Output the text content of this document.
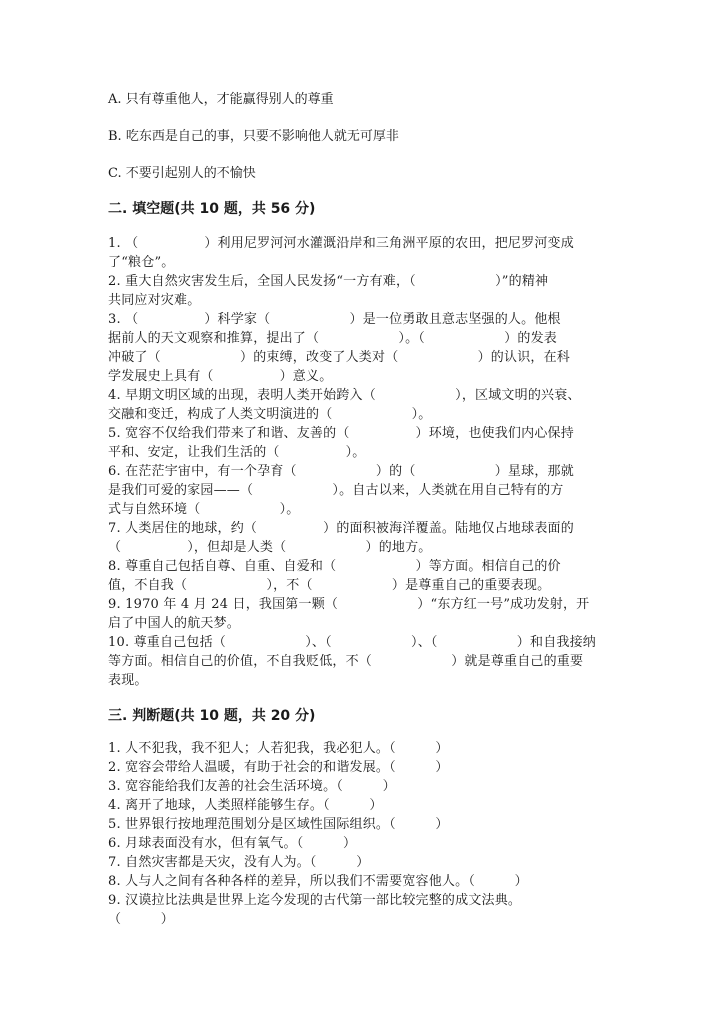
A. 只有尊重他人，才能赢得别人的尊重
B. 吃东西是自己的事，只要不影响他人就无可厚非
C. 不要引起别人的不愉快
二. 填空题(共 10 题，共 56 分)
1. （　　　　　）利用尼罗河河水灌溉沿岸和三角洲平原的农田，把尼罗河变成
了“粮仓”。
2. 重大自然灾害发生后，全国人民发扬“一方有难，（　　　　　　）”的精神
共同应对灾难。
3. （　　　　　）科学家（　　　　　　）是一位勇敢且意志坚强的人。他根
据前人的天文观察和推算，提出了（　　　　　　）。（　　　　　　）的发表
冲破了（　　　　　　）的束缚，改变了人类对（　　　　　　）的认识，在科
学发展史上具有（　　　　　）意义。
4. 早期文明区域的出现，表明人类开始跨入（　　　　　　），区域文明的兴衰、
交融和变迁，构成了人类文明演进的（　　　　　　）。
5. 宽容不仅给我们带来了和谐、友善的（　　　　　）环境，也使我们内心保持
平和、安定，让我们生活的（　　　　　）。
6. 在茫茫宇宙中，有一个孕育（　　　　　　）的（　　　　　　）星球，那就
是我们可爱的家园——（　　　　　　）。自古以来，人类就在用自己特有的方
式与自然环境（　　　　　　）。
7. 人类居住的地球，约（　　　　　）的面积被海洋覆盖。陆地仅占地球表面的
（　　　　　），但却是人类（　　　　　　）的地方。
8. 尊重自己包括自尊、自重、自爱和（　　　　　　）等方面。相信自己的价
值，不自我（　　　　　　），不（　　　　　　）是尊重自己的重要表现。
9. 1970 年 4 月 24 日，我国第一颗（　　　　　　）“东方红一号”成功发射，开
启了中国人的航天梦。
10. 尊重自己包括（　　　　　　）、（　　　　　　）、（　　　　　　）和自我接纳
等方面。相信自己的价值，不自我贬低，不（　　　　　　）就是尊重自己的重要
表现。
三. 判断题(共 10 题，共 20 分)
1. 人不犯我，我不犯人；人若犯我，我必犯人。（　　　）
2. 宽容会带给人温暖，有助于社会的和谐发展。（　　　）
3. 宽容能给我们友善的社会生活环境。（　　　）
4. 离开了地球，人类照样能够生存。（　　　）
5. 世界银行按地理范围划分是区域性国际组织。（　　　）
6. 月球表面没有水，但有氧气。（　　　）
7. 自然灾害都是天灾，没有人为。（　　　）
8. 人与人之间有各种各样的差异，所以我们不需要宽容他人。（　　　）
9. 汉谟拉比法典是世界上迄今发现的古代第一部比较完整的成文法典。
（　　　）
